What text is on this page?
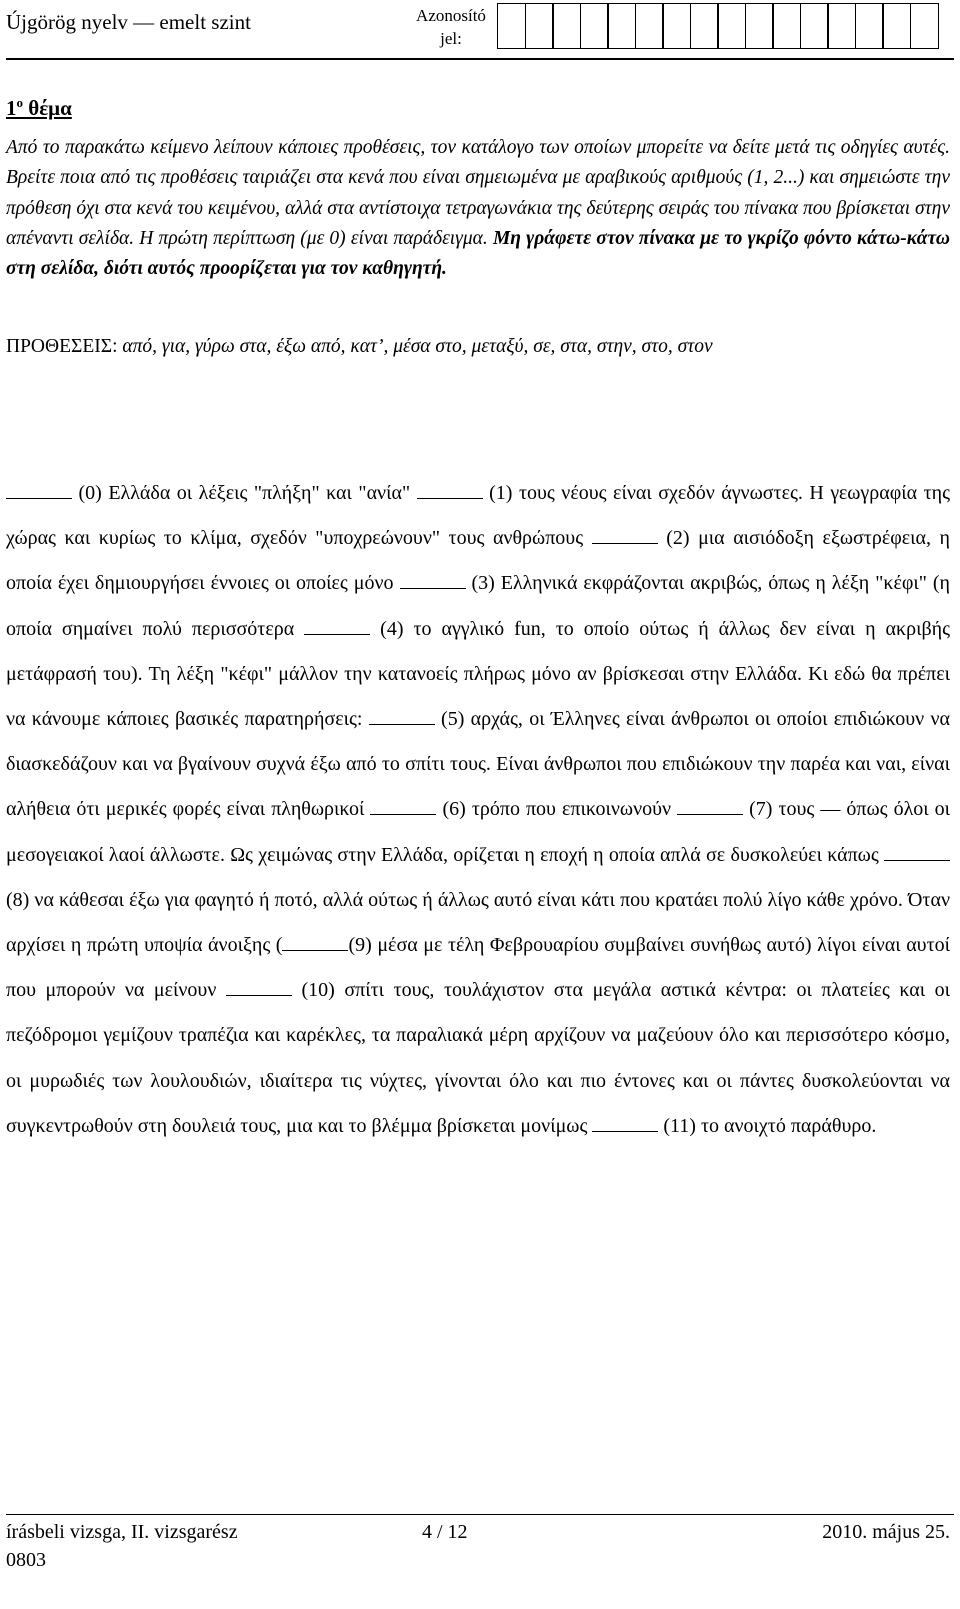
Újgörög nyelv — emelt szint	Azonosító
jel:
$1^o$ θέμα
Από το παρακάτω κείμενο λείπουν κάποιες προθέσεις, τον κατάλογο των οποίων μπορείτε να δείτε μετά τις οδηγίες αυτές. Βρείτε ποια από τις προθέσεις ταιριάζει στα κενά που είναι σημειωμένα με αραβικούς αριθμούς (1, 2...) και σημειώστε την πρόθεση όχι στα κενά του κειμένου, αλλά στα αντίστοιχα τετραγωνάκια της δεύτερης σειράς του πίνακα που βρίσκεται στην απέναντι σελίδα. Η πρώτη περίπτωση (με 0) είναι παράδειγμα. Μη γράφετε στον πίνακα με το γκρίζο φόντο κάτω-κάτω στη σελίδα, διότι αυτός προορίζεται για τον καθηγητή.
ΠΡΟΘΕΣΕΙΣ: από, για, γύρω στα, έξω από, κατ’, μέσα στο, μεταξύ, σε, στα, στην, στο, στον
(0) Ελλάδα οι λέξεις "πλήξη" και "ανία"	(1) τους νέους είναι σχεδόν άγνωστες. Η γεωγραφία της χώρας και κυρίως το κλίμα, σχεδόν "υποχρεώνουν" τους ανθρώπους	(2) μια αισιόδοξη εξωστρέφεια, η οποία έχει δημιουργήσει έννοιες οι οποίες μόνο	(3) Ελληνικά εκφράζονται ακριβώς, όπως η λέξη "κέφι" (η οποία σημαίνει πολύ περισσότερα	(4) το αγγλικό fun, το οποίο ούτως ή άλλως δεν είναι η ακριβής μετάφρασή του). Τη λέξη "κέφι" μάλλον την κατανοείς πλήρως μόνο αν βρίσκεσαι στην Ελλάδα. Κι εδώ θα πρέπει να κάνουμε κάποιες βασικές παρατηρήσεις:	(5) αρχάς, οι Έλληνες είναι άνθρωποι οι οποίοι επιδιώκουν να διασκεδάζουν και να βγαίνουν συχνά έξω από το σπίτι τους. Είναι άνθρωποι που επιδιώκουν την παρέα και ναι, είναι αλήθεια ότι μερικές φορές είναι πληθωρικοί	(6) τρόπο που επικοινωνούν	(7) τους — όπως όλοι οι μεσογειακοί λαοί άλλωστε. Ως χειμώνας στην Ελλάδα, ορίζεται η εποχή η οποία απλά σε δυσκολεύει κάπως  (8) να κάθεσαι έξω για φαγητό ή ποτό, αλλά ούτως ή άλλως αυτό είναι κάτι που κρατάει πολύ λίγο κάθε χρόνο. Όταν αρχίσει η πρώτη υποψία άνοιξης (	(9) μέσα με τέλη Φεβρουαρίου συμβαίνει συνήθως αυτό) λίγοι είναι αυτοί που μπορούν να μείνουν	(10) σπίτι τους, τουλάχιστον στα μεγάλα αστικά κέντρα: οι πλατείες και οι πεζόδρομοι γεμίζουν τραπέζια και καρέκλες, τα παραλιακά μέρη αρχίζουν να μαζεύουν όλο και περισσότερο κόσμο, οι μυρωδιές των λουλουδιών, ιδιαίτερα τις νύχτες, γίνονται όλο και πιο έντονες και οι πάντες δυσκολεύονται να συγκεντρωθούν στη δουλειά τους, μια και το βλέμμα βρίσκεται μονίμως	(11) το ανοιχτό παράθυρο.
írásbeli vizsga, II. vizsgarész	4 / 12	2010. május 25.
0803
